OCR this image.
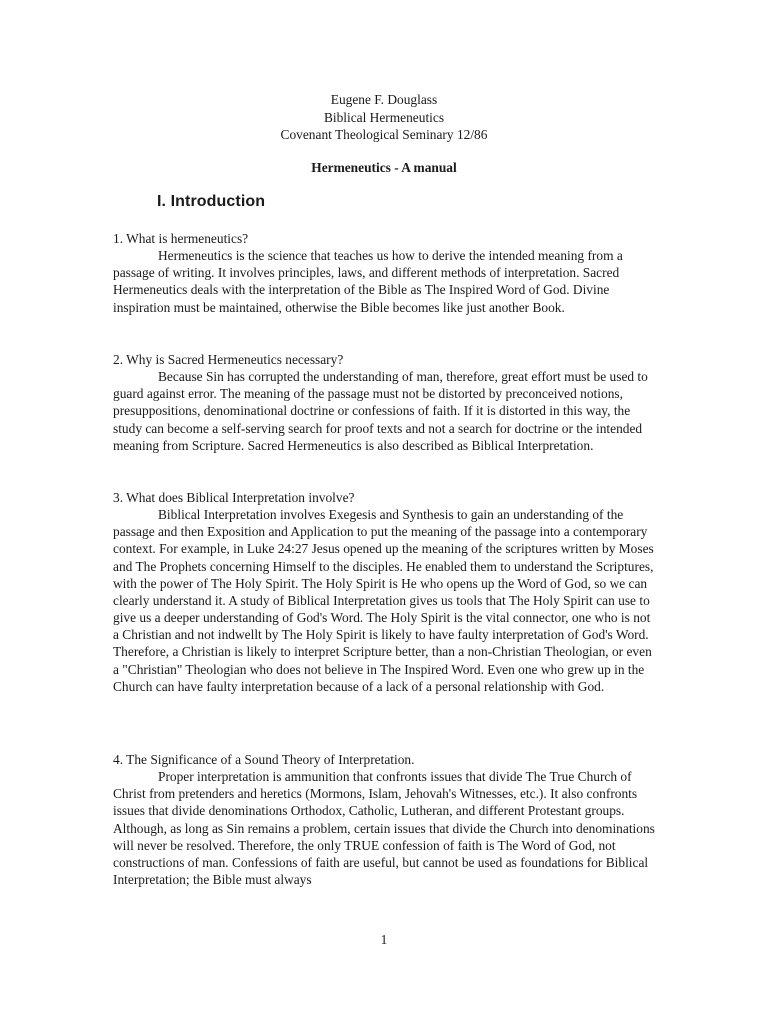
Eugene F. Douglass
Biblical Hermeneutics
Covenant Theological Seminary 12/86
Hermeneutics - A manual
I. Introduction

1. What is hermeneutics?

Hermeneutics is the science that teaches us how to derive the intended meaning from a passage of writing. It involves principles, laws, and different methods of interpretation. Sacred Hermeneutics deals with the interpretation of the Bible as The Inspired Word of God. Divine inspiration must be maintained, otherwise the Bible becomes like just another Book.

2. Why is Sacred Hermeneutics necessary?

Because Sin has corrupted the understanding of man, therefore, great effort must be used to guard against error. The meaning of the passage must not be distorted by preconceived notions, presuppositions, denominational doctrine or confessions of faith. If it is distorted in this way, the study can become a self-serving search for proof texts and not a search for doctrine or the intended meaning from Scripture. Sacred Hermeneutics is also described as Biblical Interpretation.

3. What does Biblical Interpretation involve?

Biblical Interpretation involves Exegesis and Synthesis to gain an understanding of the passage and then Exposition and Application to put the meaning of the passage into a contemporary context. For example, in Luke 24:27 Jesus opened up the meaning of the scriptures written by Moses and The Prophets concerning Himself to the disciples. He enabled them to understand the Scriptures, with the power of The Holy Spirit. The Holy Spirit is He who opens up the Word of God, so we can clearly understand it. A study of Biblical Interpretation gives us tools that The Holy Spirit can use to give us a deeper understanding of God's Word. The Holy Spirit is the vital connector, one who is not a Christian and not indwellt by The Holy Spirit is likely to have faulty interpretation of God's Word. Therefore, a Christian is likely to interpret Scripture better, than a non-Christian Theologian, or even a "Christian" Theologian who does not believe in The Inspired Word. Even one who grew up in the Church can have faulty interpretation because of a lack of a personal relationship with God.

4. The Significance of a Sound Theory of Interpretation.

Proper interpretation is ammunition that confronts issues that divide The True Church of Christ from pretenders and heretics (Mormons, Islam, Jehovah's Witnesses, etc.). It also confronts issues that divide denominations Orthodox, Catholic, Lutheran, and different Protestant groups. Although, as long as Sin remains a problem, certain issues that divide the Church into denominations will never be resolved. Therefore, the only TRUE confession of faith is The Word of God, not constructions of man. Confessions of faith are useful, but cannot be used as foundations for Biblical Interpretation; the Bible must always

1
